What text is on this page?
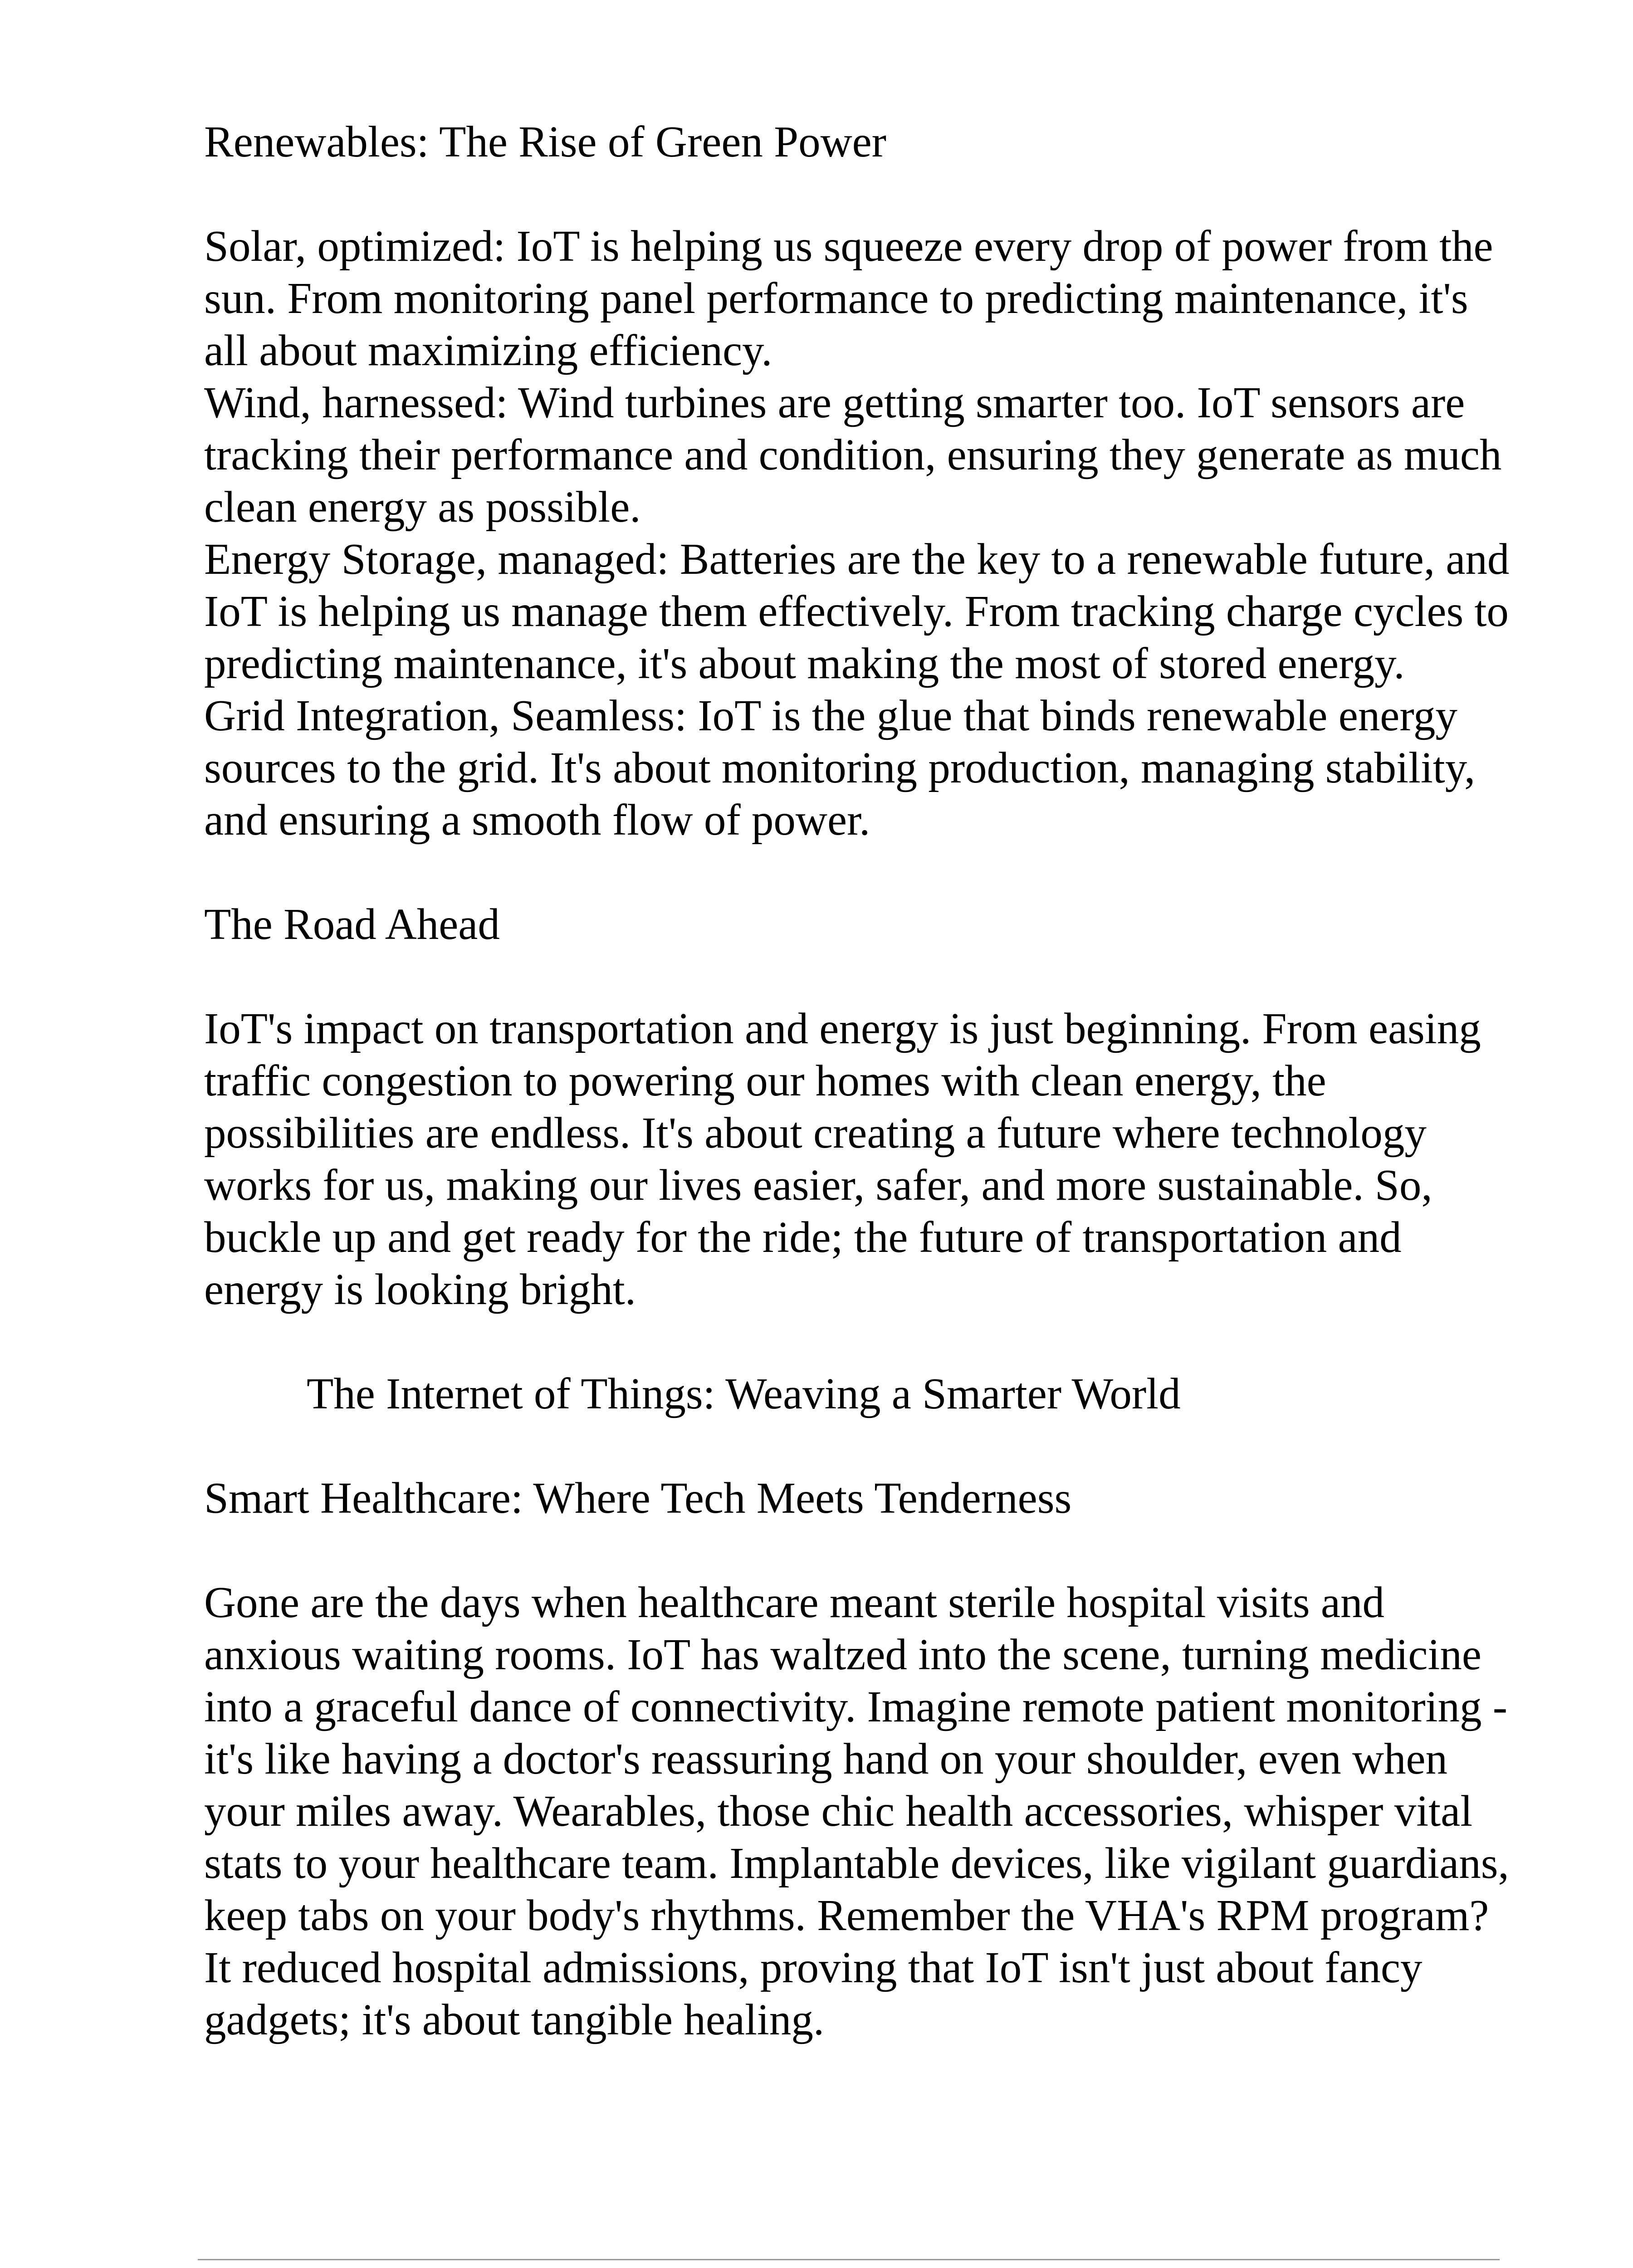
Renewables: The Rise of Green Power

Solar, optimized: IoT is helping us squeeze every drop of power from the sun. From monitoring panel performance to predicting maintenance, it's all about maximizing efficiency.

Wind, harnessed: Wind turbines are getting smarter too. IoT sensors are tracking their performance and condition, ensuring they generate as much clean energy as possible.

Energy Storage, managed: Batteries are the key to a renewable future, and IoT is helping us manage them effectively. From tracking charge cycles to predicting maintenance, it's about making the most of stored energy.

Grid Integration, Seamless: IoT is the glue that binds renewable energy sources to the grid. It's about monitoring production, managing stability, and ensuring a smooth flow of power.

The Road Ahead

IoT's impact on transportation and energy is just beginning. From easing traffic congestion to powering our homes with clean energy, the possibilities are endless. It's about creating a future where technology works for us, making our lives easier, safer, and more sustainable. So, buckle up and get ready for the ride; the future of transportation and energy is looking bright.

The Internet of Things: Weaving a Smarter World

Smart Healthcare: Where Tech Meets Tenderness

Gone are the days when healthcare meant sterile hospital visits and anxious waiting rooms. IoT has waltzed into the scene, turning medicine into a graceful dance of connectivity. Imagine remote patient monitoring - it's like having a doctor's reassuring hand on your shoulder, even when your miles away. Wearables, those chic health accessories, whisper vital stats to your healthcare team. Implantable devices, like vigilant guardians, keep tabs on your body's rhythms. Remember the VHA's RPM program? It reduced hospital admissions, proving that IoT isn't just about fancy gadgets; it's about tangible healing.
